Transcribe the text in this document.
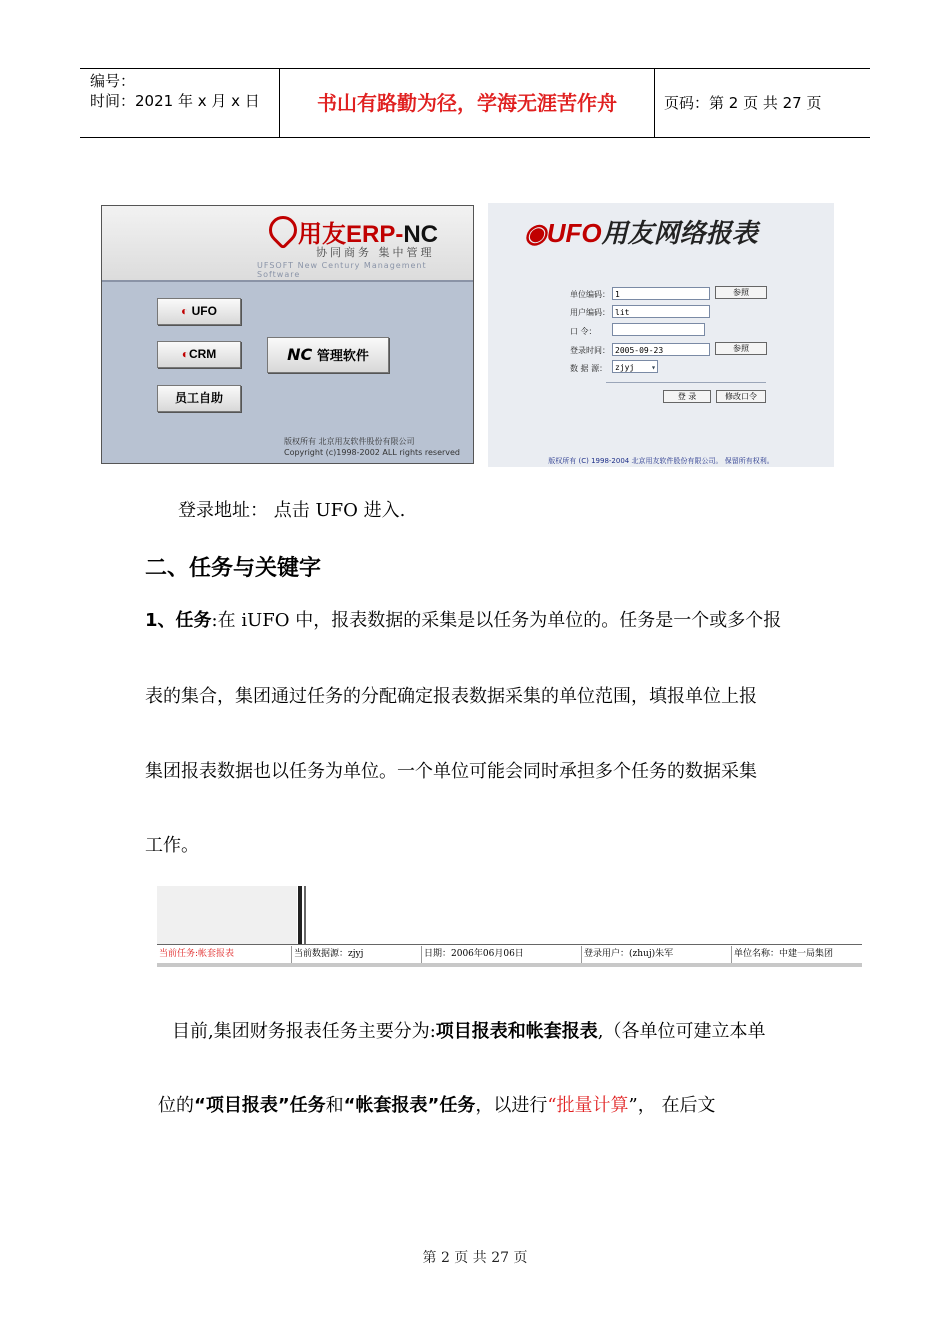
编号：
时间：2021 年 x 月 x 日	书山有路勤为径，学海无涯苦作舟	页码：第 2 页 共 27 页
用友ERP-NC
协同商务 集中管理
UFSOFT New Century Management Software
◐ UFO
◐CRM
员工自助
NC 管理软件
版权所有 北京用友软件股份有限公司
Copyright (c)1998-2002 ALL rights reserved
◉UFO用友网络报表
单位编码： 1	参照
用户编码： lit
口 令：
登录时间： 2005-09-23	参照
数 据 源： zjyj ▾
登 录	修改口令
版权所有 (C) 1998-2004 北京用友软件股份有限公司。 保留所有权利。
登录地址： 点击 UFO 进入.
二、任务与关键字
1、任务:在 iUFO 中，报表数据的采集是以任务为单位的。任务是一个或多个报
表的集合，集团通过任务的分配确定报表数据采集的单位范围，填报单位上报
集团报表数据也以任务为单位。一个单位可能会同时承担多个任务的数据采集
工作。
当前任务:帐套报表	当前数据源：zjyj	日期：2006年06月06日	登录用户：(zhuj)朱军	单位名称：中建一局集团
目前,集团财务报表任务主要分为:项目报表和帐套报表,（各单位可建立本单
位的“项目报表”任务和“帐套报表”任务，以进行“批量计算”， 在后文
第 2 页 共 27 页
